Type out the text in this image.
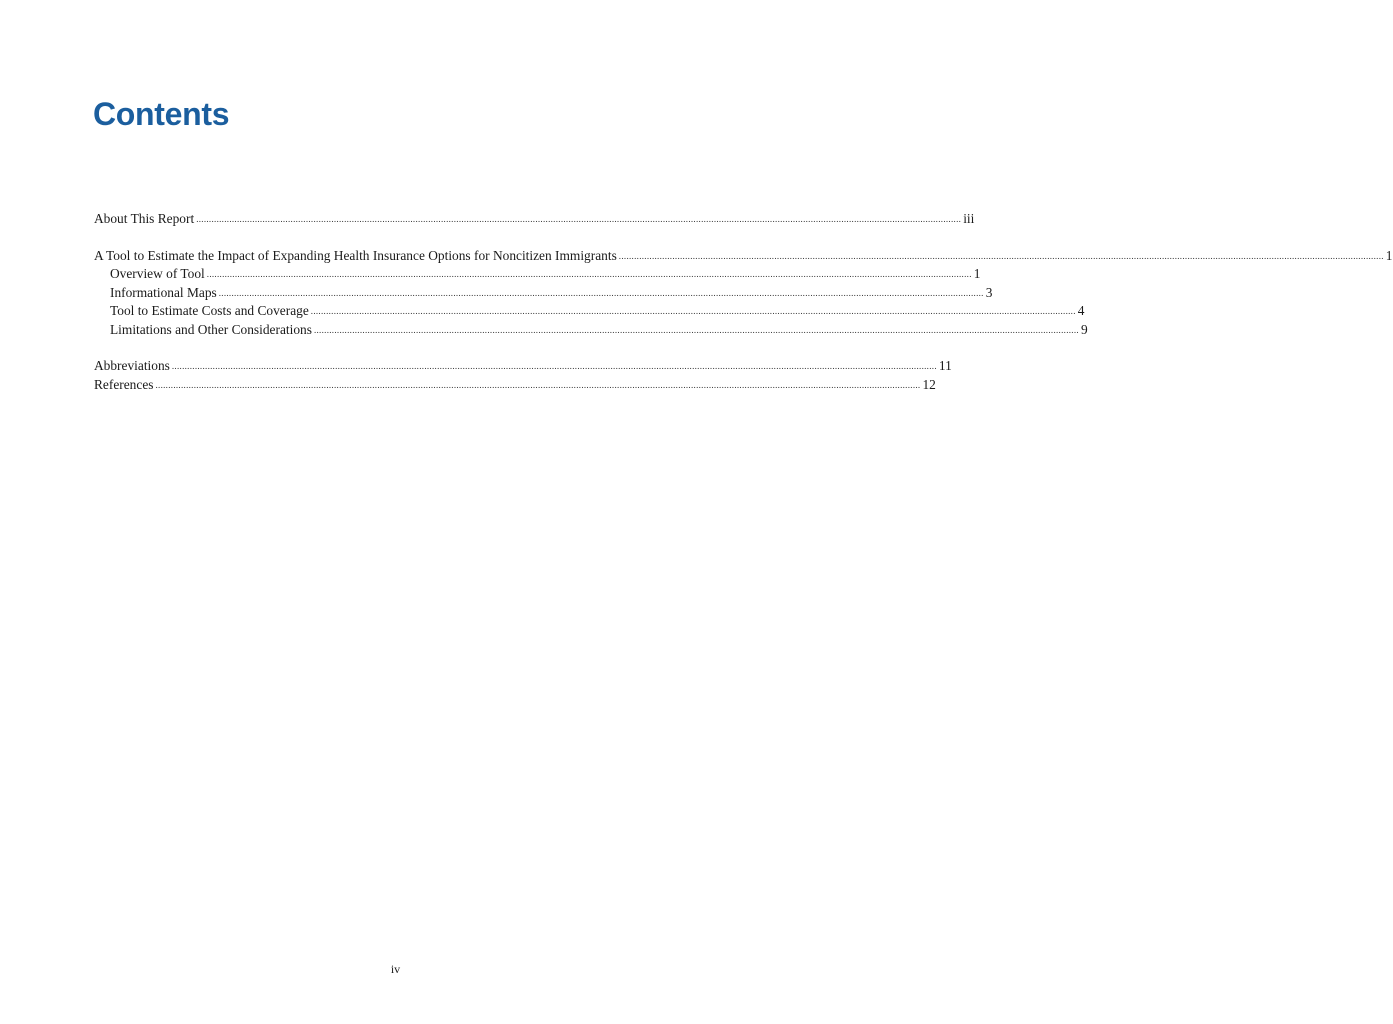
Contents
About This Report ............................................................................................................................................................................................................................................................................................................ iii
A Tool to Estimate the Impact of Expanding Health Insurance Options for Noncitizen Immigrants ............................................................................................................................................................................................................................................................................................................ 1
Overview of Tool ............................................................................................................................................................................................................................................................................................................ 1
Informational Maps ............................................................................................................................................................................................................................................................................................................ 3
Tool to Estimate Costs and Coverage ............................................................................................................................................................................................................................................................................................................ 4
Limitations and Other Considerations ............................................................................................................................................................................................................................................................................................................ 9
Abbreviations ............................................................................................................................................................................................................................................................................................................ 11
References ............................................................................................................................................................................................................................................................................................................ 12
iv
